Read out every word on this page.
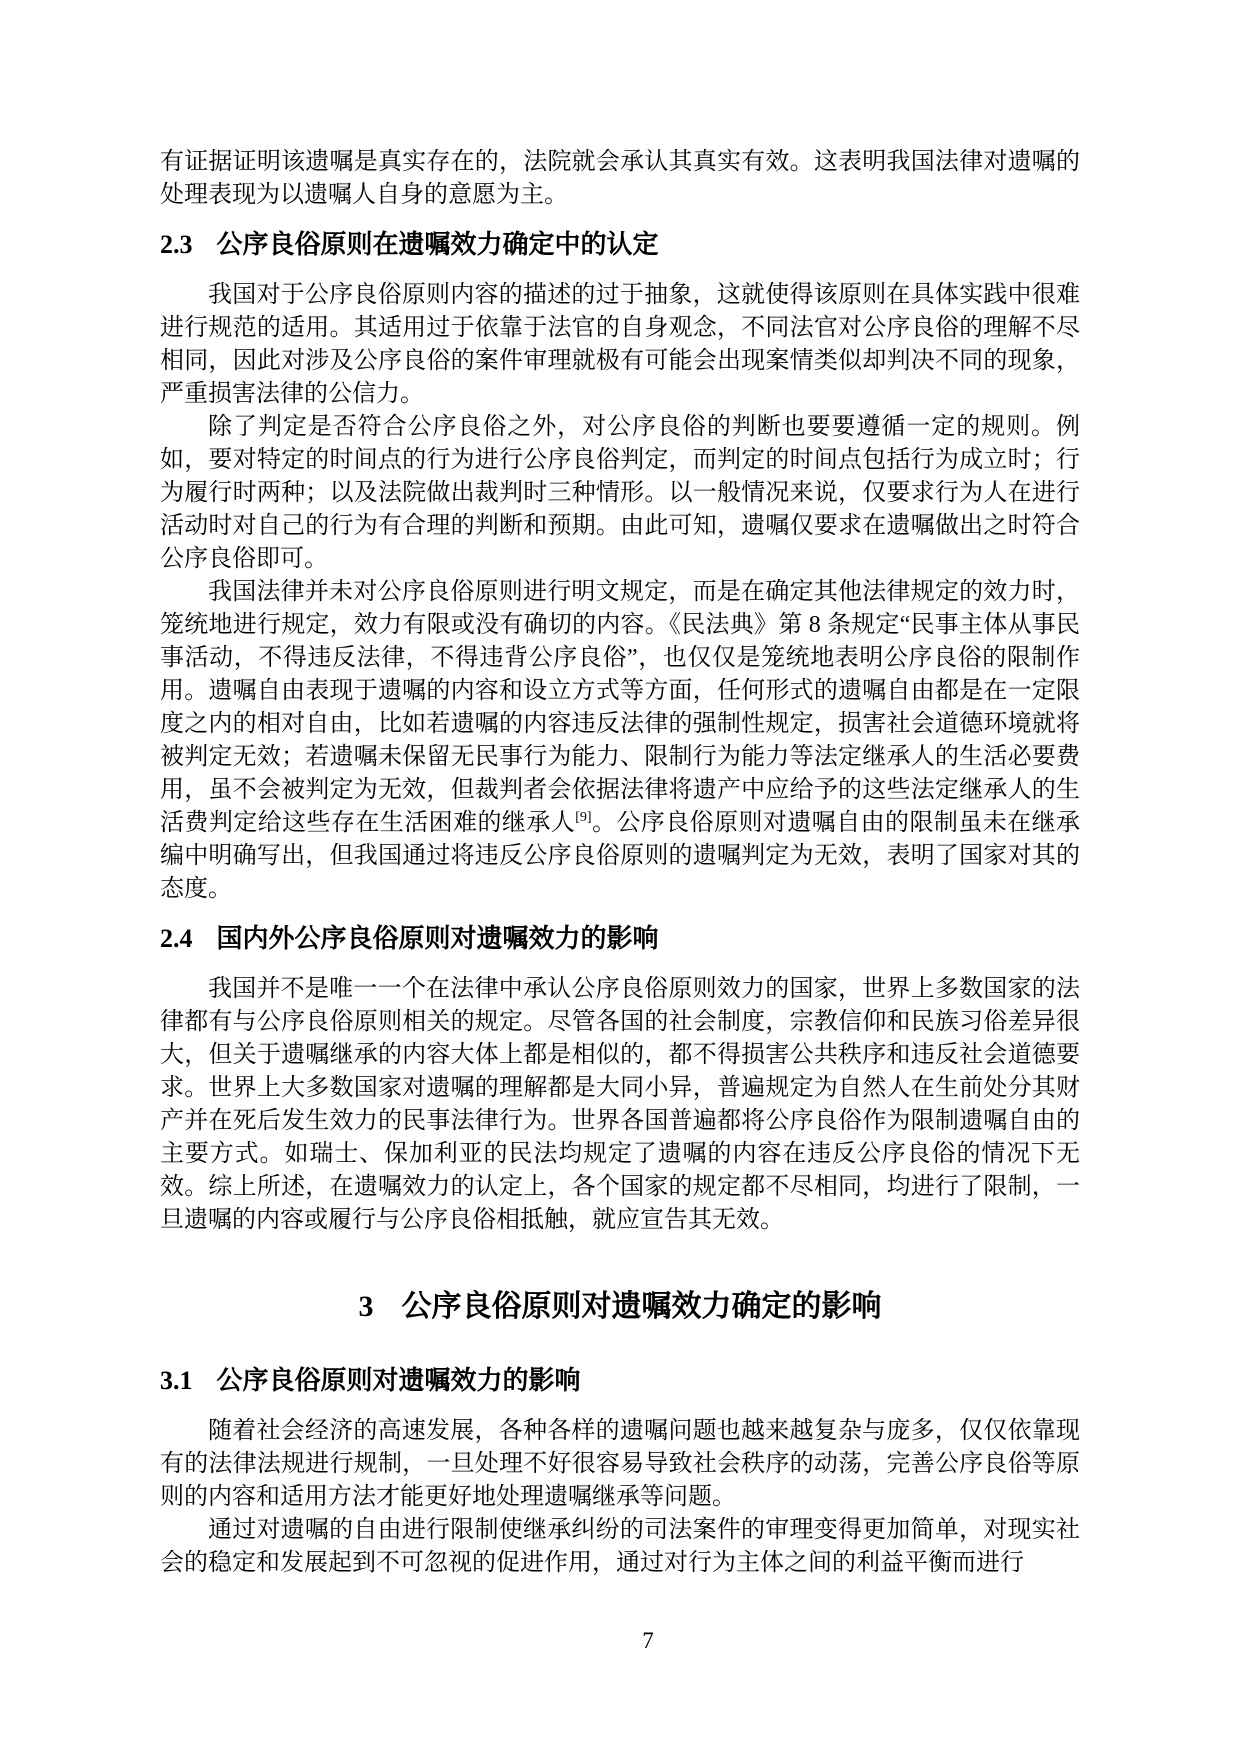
有证据证明该遗嘱是真实存在的，法院就会承认其真实有效。这表明我国法律对遗嘱的处理表现为以遗嘱人自身的意愿为主。

2.3 公序良俗原则在遗嘱效力确定中的认定

我国对于公序良俗原则内容的描述的过于抽象，这就使得该原则在具体实践中很难进行规范的适用。其适用过于依靠于法官的自身观念，不同法官对公序良俗的理解不尽相同，因此对涉及公序良俗的案件审理就极有可能会出现案情类似却判决不同的现象，严重损害法律的公信力。

除了判定是否符合公序良俗之外，对公序良俗的判断也要要遵循一定的规则。例如，要对特定的时间点的行为进行公序良俗判定，而判定的时间点包括行为成立时；行为履行时两种；以及法院做出裁判时三种情形。以一般情况来说，仅要求行为人在进行活动时对自己的行为有合理的判断和预期。由此可知，遗嘱仅要求在遗嘱做出之时符合公序良俗即可。

我国法律并未对公序良俗原则进行明文规定，而是在确定其他法律规定的效力时，笼统地进行规定，效力有限或没有确切的内容。《民法典》第 8 条规定“民事主体从事民事活动，不得违反法律，不得违背公序良俗”，也仅仅是笼统地表明公序良俗的限制作用。遗嘱自由表现于遗嘱的内容和设立方式等方面，任何形式的遗嘱自由都是在一定限度之内的相对自由，比如若遗嘱的内容违反法律的强制性规定，损害社会道德环境就将被判定无效；若遗嘱未保留无民事行为能力、限制行为能力等法定继承人的生活必要费用，虽不会被判定为无效，但裁判者会依据法律将遗产中应给予的这些法定继承人的生活费判定给这些存在生活困难的继承人[9]。公序良俗原则对遗嘱自由的限制虽未在继承编中明确写出，但我国通过将违反公序良俗原则的遗嘱判定为无效，表明了国家对其的态度。

2.4 国内外公序良俗原则对遗嘱效力的影响

我国并不是唯一一个在法律中承认公序良俗原则效力的国家，世界上多数国家的法律都有与公序良俗原则相关的规定。尽管各国的社会制度，宗教信仰和民族习俗差异很大，但关于遗嘱继承的内容大体上都是相似的，都不得损害公共秩序和违反社会道德要求。世界上大多数国家对遗嘱的理解都是大同小异，普遍规定为自然人在生前处分其财产并在死后发生效力的民事法律行为。世界各国普遍都将公序良俗作为限制遗嘱自由的主要方式。如瑞士、保加利亚的民法均规定了遗嘱的内容在违反公序良俗的情况下无效。综上所述，在遗嘱效力的认定上，各个国家的规定都不尽相同，均进行了限制，一旦遗嘱的内容或履行与公序良俗相抵触，就应宣告其无效。

3 公序良俗原则对遗嘱效力确定的影响
3.1 公序良俗原则对遗嘱效力的影响

随着社会经济的高速发展，各种各样的遗嘱问题也越来越复杂与庞多，仅仅依靠现有的法律法规进行规制，一旦处理不好很容易导致社会秩序的动荡，完善公序良俗等原则的内容和适用方法才能更好地处理遗嘱继承等问题。

通过对遗嘱的自由进行限制使继承纠纷的司法案件的审理变得更加简单，对现实社会的稳定和发展起到不可忽视的促进作用，通过对行为主体之间的利益平衡而进行

7
